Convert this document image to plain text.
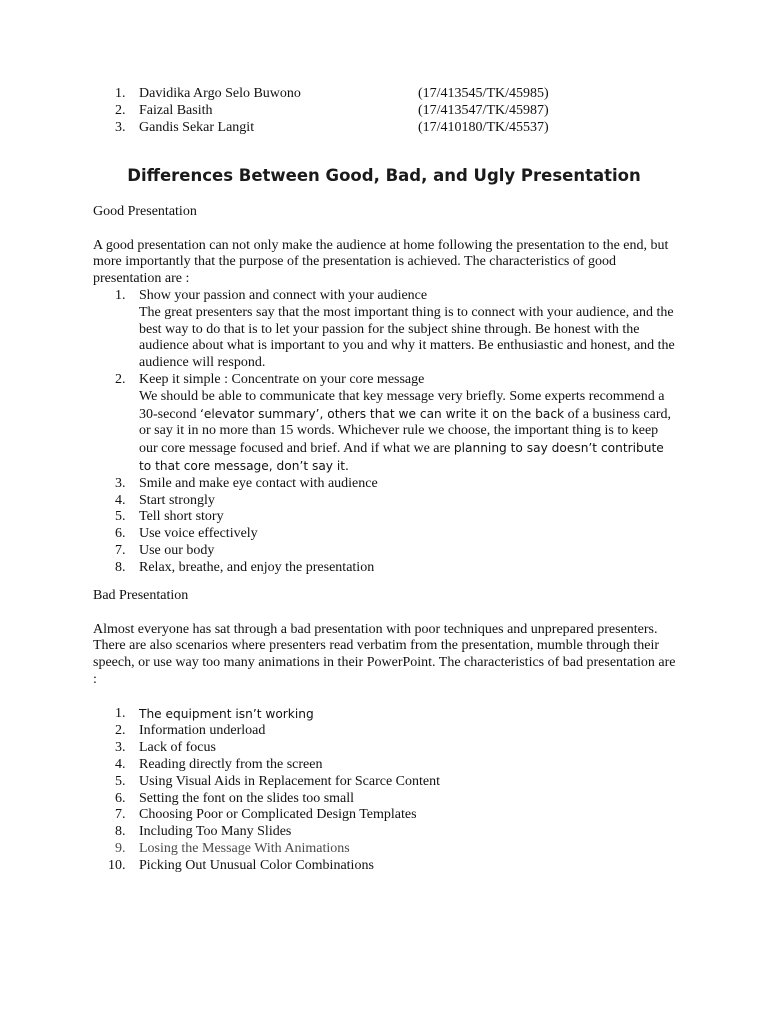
1. Davidika Argo Selo Buwono	(17/413545/TK/45985)
2. Faizal Basith	(17/413547/TK/45987)
3. Gandis Sekar Langit	(17/410180/TK/45537)
Differences Between Good, Bad, and Ugly Presentation

Good Presentation

A good presentation can not only make the audience at home following the presentation to the end, but more importantly that the purpose of the presentation is achieved. The characteristics of good presentation are :

1. Show your passion and connect with your audience
The great presenters say that the most important thing is to connect with your audience, and the best way to do that is to let your passion for the subject shine through. Be honest with the audience about what is important to you and why it matters. Be enthusiastic and honest, and the audience will respond.
2. Keep it simple : Concentrate on your core message
We should be able to communicate that key message very briefly. Some experts recommend a 30-second ‘elevator summary’, others that we can write it on the back of a business card, or say it in no more than 15 words. Whichever rule we choose, the important thing is to keep our core message focused and brief. And if what we are planning to say doesn’t contribute to that core message, don’t say it.
3. Smile and make eye contact with audience
4. Start strongly
5. Tell short story
6. Use voice effectively
7. Use our body
8. Relax, breathe, and enjoy the presentation

Bad Presentation

Almost everyone has sat through a bad presentation with poor techniques and unprepared presenters. There are also scenarios where presenters read verbatim from the presentation, mumble through their speech, or use way too many animations in their PowerPoint. The characteristics of bad presentation are :

1. The equipment isn’t working
2. Information underload
3. Lack of focus
4. Reading directly from the screen
5. Using Visual Aids in Replacement for Scarce Content
6. Setting the font on the slides too small
7. Choosing Poor or Complicated Design Templates
8. Including Too Many Slides
9. Losing the Message With Animations
10. Picking Out Unusual Color Combinations
